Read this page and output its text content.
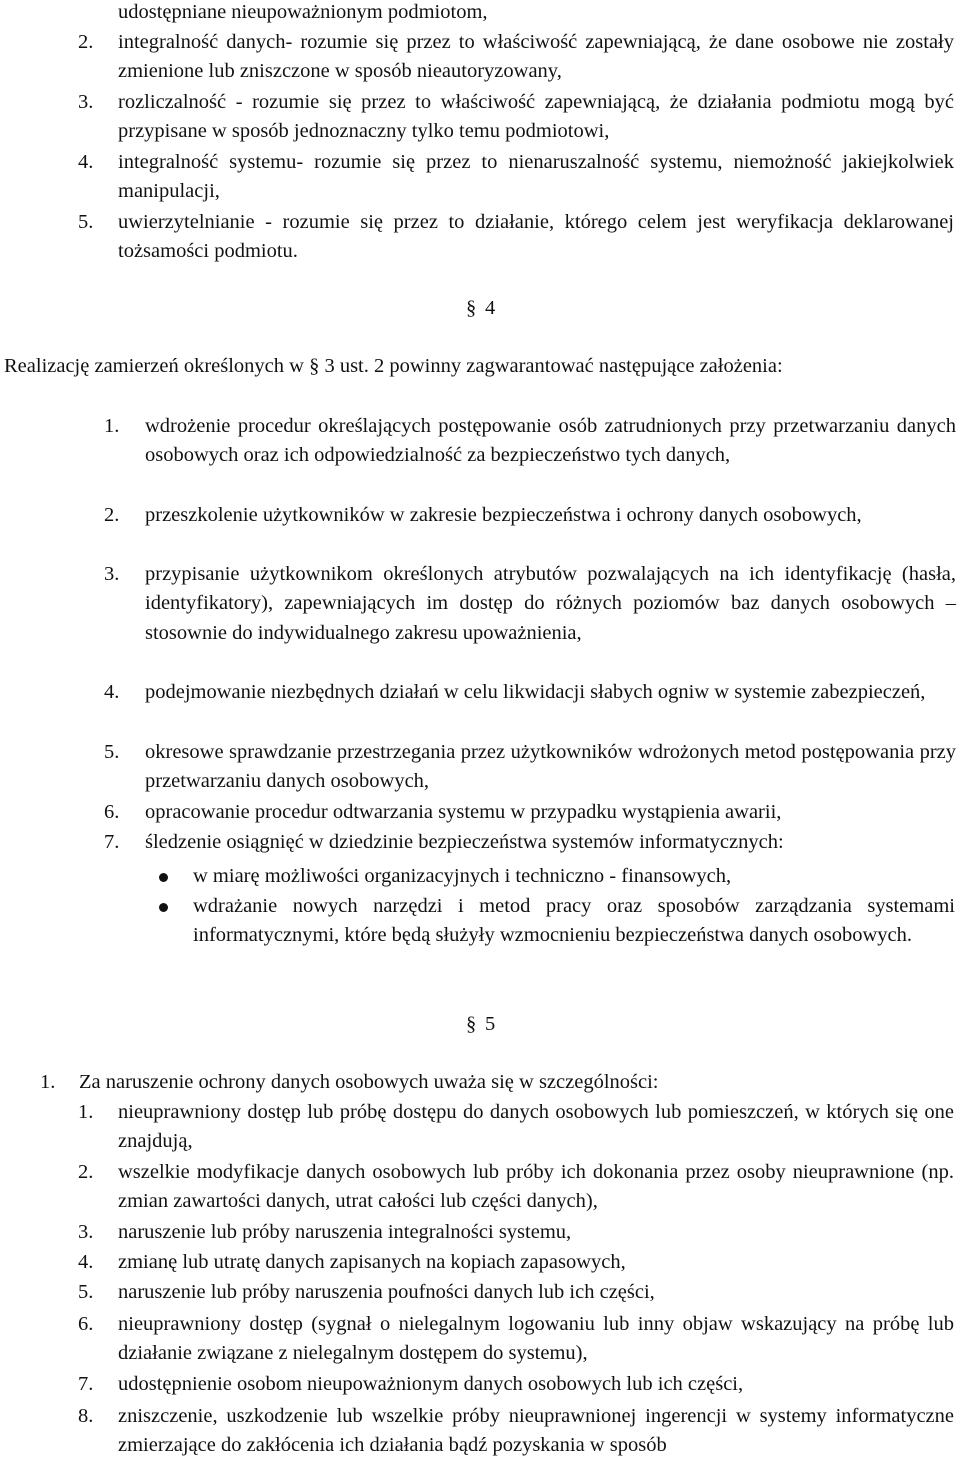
udostępniane nieupoważnionym podmiotom,
2. integralność danych- rozumie się przez to właściwość zapewniającą, że dane osobowe nie zostały zmienione lub zniszczone w sposób nieautoryzowany,
3. rozliczalność - rozumie się przez to właściwość zapewniającą, że działania podmiotu mogą być przypisane w sposób jednoznaczny tylko temu podmiotowi,
4. integralność systemu- rozumie się przez to nienaruszalność systemu, niemożność jakiejkolwiek manipulacji,
5. uwierzytelnianie - rozumie się przez to działanie, którego celem jest weryfikacja deklarowanej tożsamości podmiotu.
§ 4
Realizację zamierzeń określonych w § 3 ust. 2 powinny zagwarantować następujące założenia:
1. wdrożenie procedur określających postępowanie osób zatrudnionych przy przetwarzaniu danych osobowych oraz ich odpowiedzialność za bezpieczeństwo tych danych,
2. przeszkolenie użytkowników w zakresie bezpieczeństwa i ochrony danych osobowych,
3. przypisanie użytkownikom określonych atrybutów pozwalających na ich identyfikację (hasła, identyfikatory), zapewniających im dostęp do różnych poziomów baz danych osobowych – stosownie do indywidualnego zakresu upoważnienia,
4. podejmowanie niezbędnych działań w celu likwidacji słabych ogniw w systemie zabezpieczeń,
5. okresowe sprawdzanie przestrzegania przez użytkowników wdrożonych metod postępowania przy przetwarzaniu danych osobowych,
6. opracowanie procedur odtwarzania systemu w przypadku wystąpienia awarii,
7. śledzenie osiągnięć w dziedzinie bezpieczeństwa systemów informatycznych:
w miarę możliwości organizacyjnych i techniczno - finansowych,
wdrażanie nowych narzędzi i metod pracy oraz sposobów zarządzania systemami informatycznymi, które będą służyły wzmocnieniu bezpieczeństwa danych osobowych.
§ 5
1. Za naruszenie ochrony danych osobowych uważa się w szczególności:
1. nieuprawniony dostęp lub próbę dostępu do danych osobowych lub pomieszczeń, w których się one znajdują,
2. wszelkie modyfikacje danych osobowych lub próby ich dokonania przez osoby nieuprawnione (np. zmian zawartości danych, utrat całości lub części danych),
3. naruszenie lub próby naruszenia integralności systemu,
4. zmianę lub utratę danych zapisanych na kopiach zapasowych,
5. naruszenie lub próby naruszenia poufności danych lub ich części,
6. nieuprawniony dostęp (sygnał o nielegalnym logowaniu lub inny objaw wskazujący na próbę lub działanie związane z nielegalnym dostępem do systemu),
7. udostępnienie osobom nieupoważnionym danych osobowych lub ich części,
8. zniszczenie, uszkodzenie lub wszelkie próby nieuprawnionej ingerencji w systemy informatyczne zmierzające do zakłócenia ich działania bądź pozyskania w sposób
